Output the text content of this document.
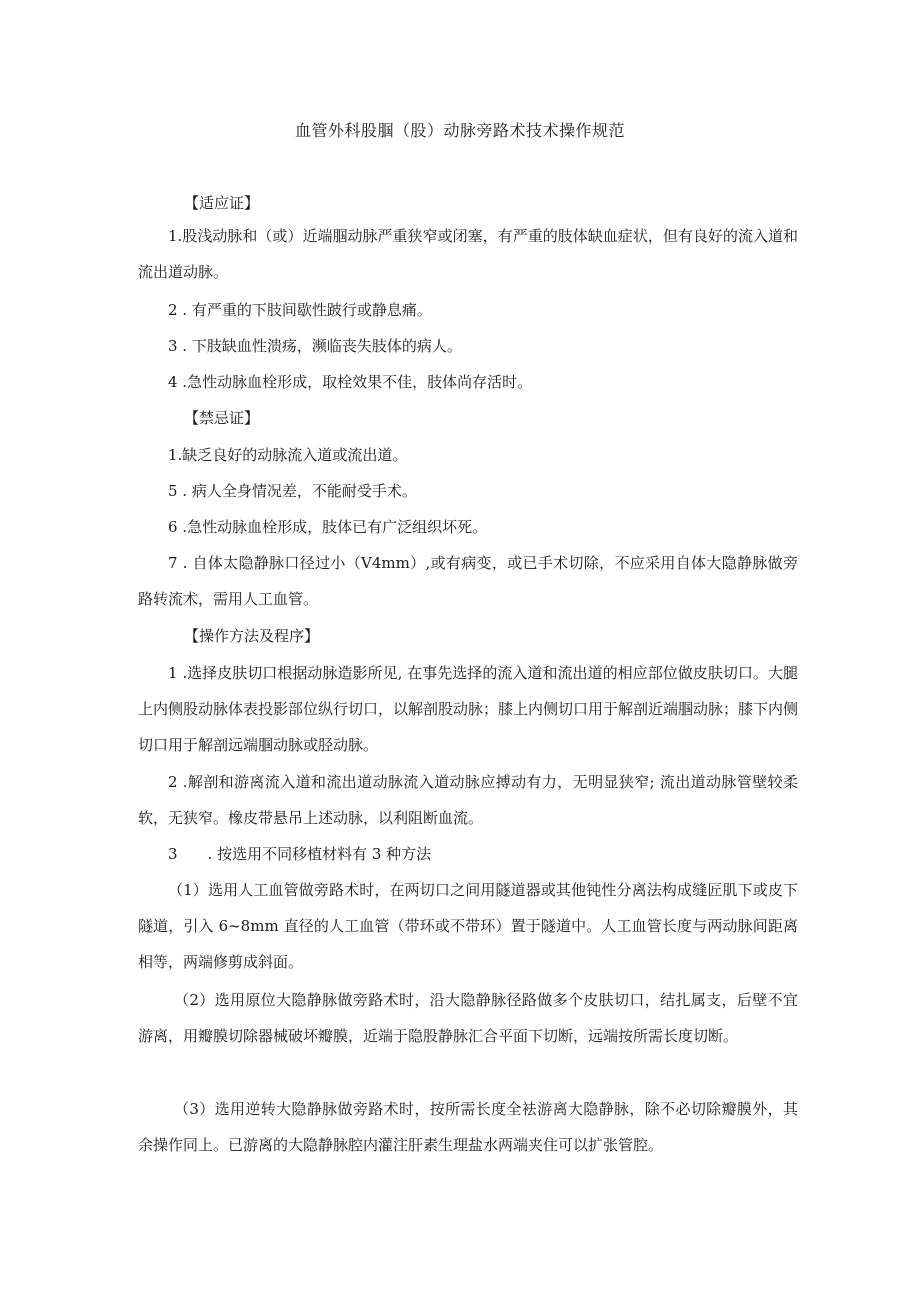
血管外科股腘（股）动脉旁路术技术操作规范

【适应证】

1.股浅动脉和（或）近端腘动脉严重狭窄或闭塞，有严重的肢体缺血症状，但有良好的流入道和流出道动脉。

2 . 有严重的下肢间歇性跛行或静息痛。

3 . 下肢缺血性溃疡，濒临丧失肢体的病人。

4 .急性动脉血栓形成，取栓效果不佳，肢体尚存活时。

【禁忌证】

1.缺乏良好的动脉流入道或流出道。

5 . 病人全身情况差，不能耐受手术。

6 .急性动脉血栓形成，肢体已有广泛组织坏死。

7 . 自体太隐静脉口径过小（V4mm）,或有病变，或已手术切除，不应采用自体大隐静脉做旁路转流术，需用人工血管。

【操作方法及程序】

1 .选择皮肤切口根据动脉造影所见, 在事先选择的流入道和流出道的相应部位做皮肤切口。大腿上内侧股动脉体表投影部位纵行切口，以解剖股动脉；膝上内侧切口用于解剖近端腘动脉；膝下内侧切口用于解剖远端腘动脉或胫动脉。

2 .解剖和游离流入道和流出道动脉流入道动脉应搏动有力，无明显狭窄; 流出道动脉管壁较柔软，无狭窄。橡皮带悬吊上述动脉，以利阻断血流。

3　　. 按选用不同移植材料有 3 种方法

（1）选用人工血管做旁路术时，在两切口之间用隧道器或其他钝性分离法构成缝匠肌下或皮下隧道，引入 6~8mm 直径的人工血管（带环或不带环）置于隧道中。人工血管长度与两动脉间距离相等，两端修剪成斜面。

（2）选用原位大隐静脉做旁路术时，沿大隐静脉径路做多个皮肤切口，结扎属支，后壁不宜游离，用瓣膜切除器械破坏瓣膜，近端于隐股静脉汇合平面下切断，远端按所需长度切断。

（3）选用逆转大隐静脉做旁路术时，按所需长度全袪游离大隐静脉，除不必切除瓣膜外，其余操作同上。已游离的大隐静脉腔内灌注肝素生理盐水两端夹住可以扩张管腔。
